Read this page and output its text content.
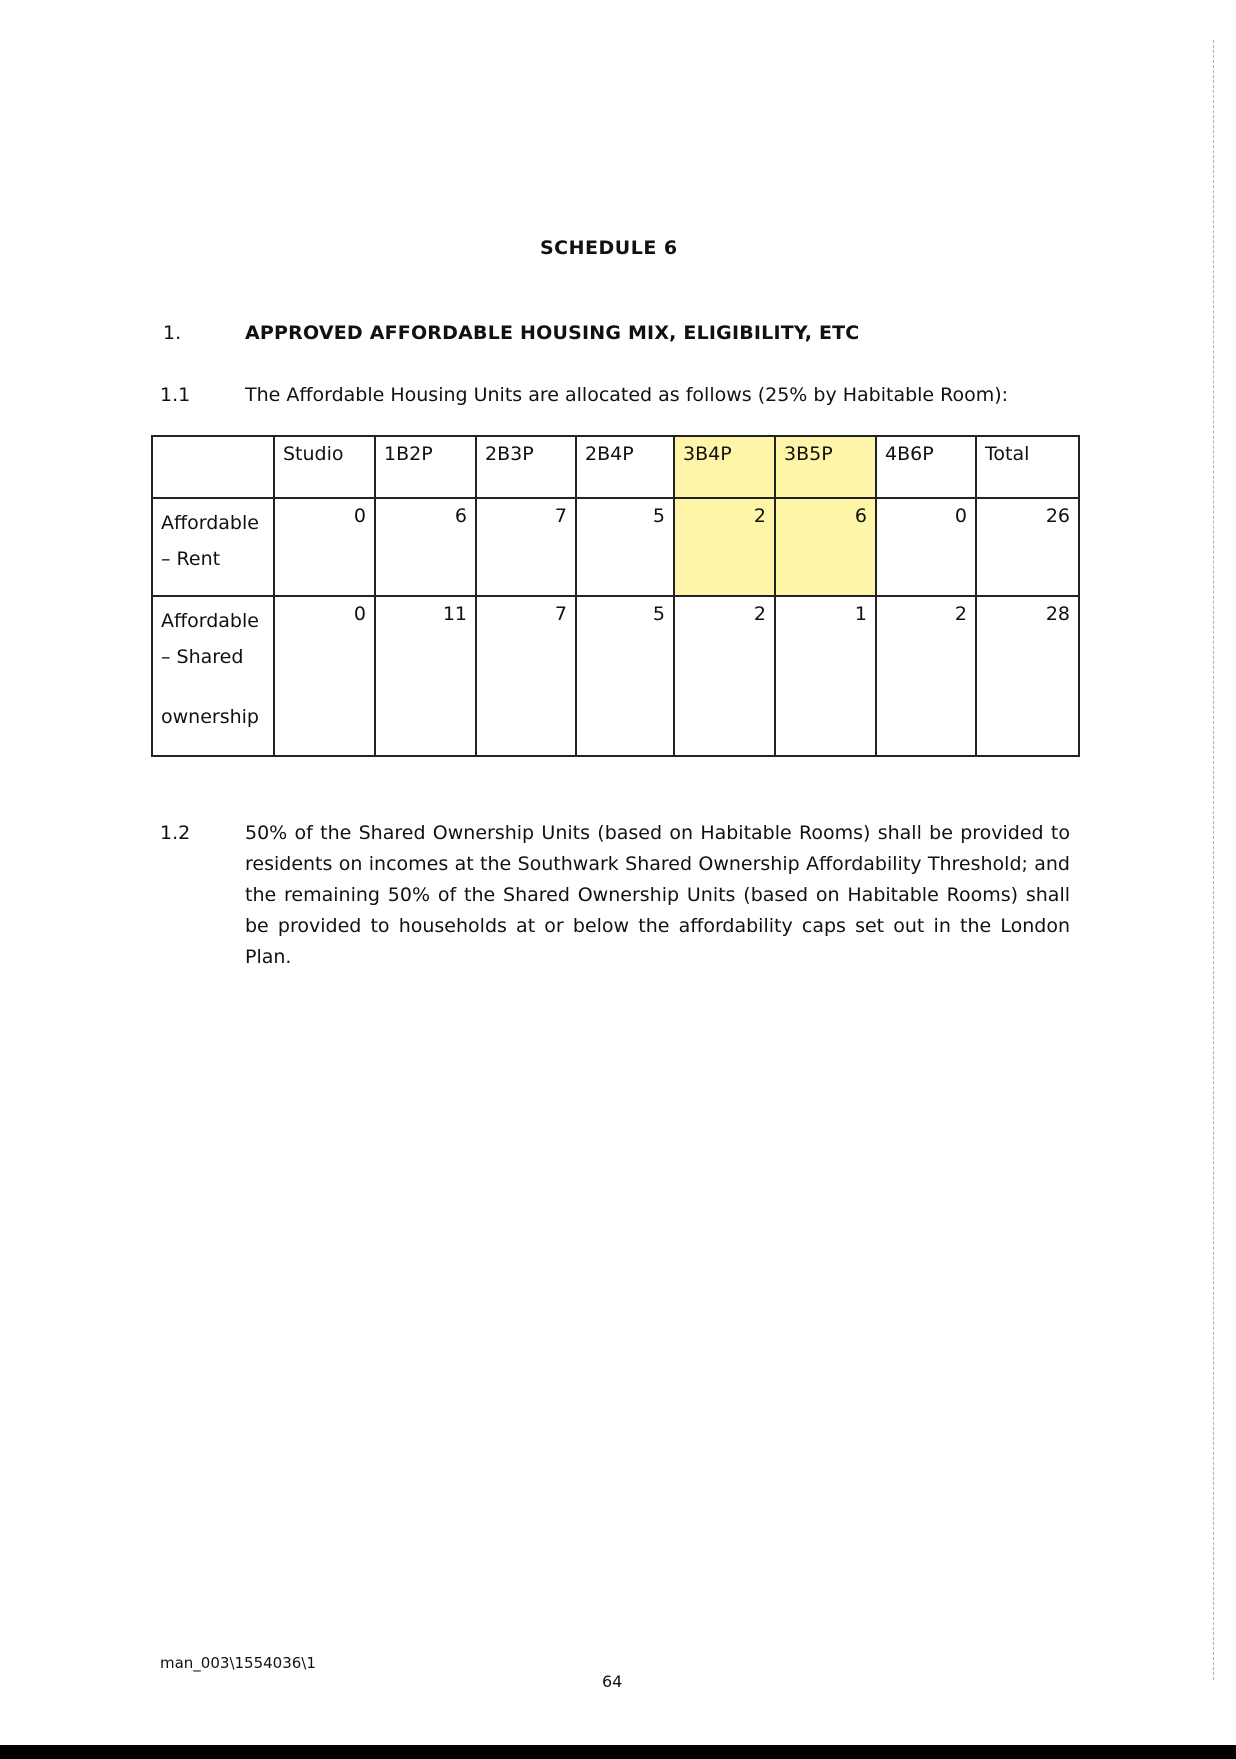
SCHEDULE 6
1.	APPROVED AFFORDABLE HOUSING MIX, ELIGIBILITY, ETC
1.1	The Affordable Housing Units are allocated as follows (25% by Habitable Room):
	Studio	1B2P	2B3P	2B4P	3B4P	3B5P	4B6P	Total

Affordable
– Rent	0	6	7	5	2	6	0	26

Affordable
– Shared
ownership	0	11	7	5	2	1	2	28
1.2	50% of the Shared Ownership Units (based on Habitable Rooms) shall be provided to residents on incomes at the Southwark Shared Ownership Affordability Threshold; and the remaining 50% of the Shared Ownership Units (based on Habitable Rooms) shall be provided to households at or below the affordability caps set out in the London Plan.
man_003\1554036\1
64
